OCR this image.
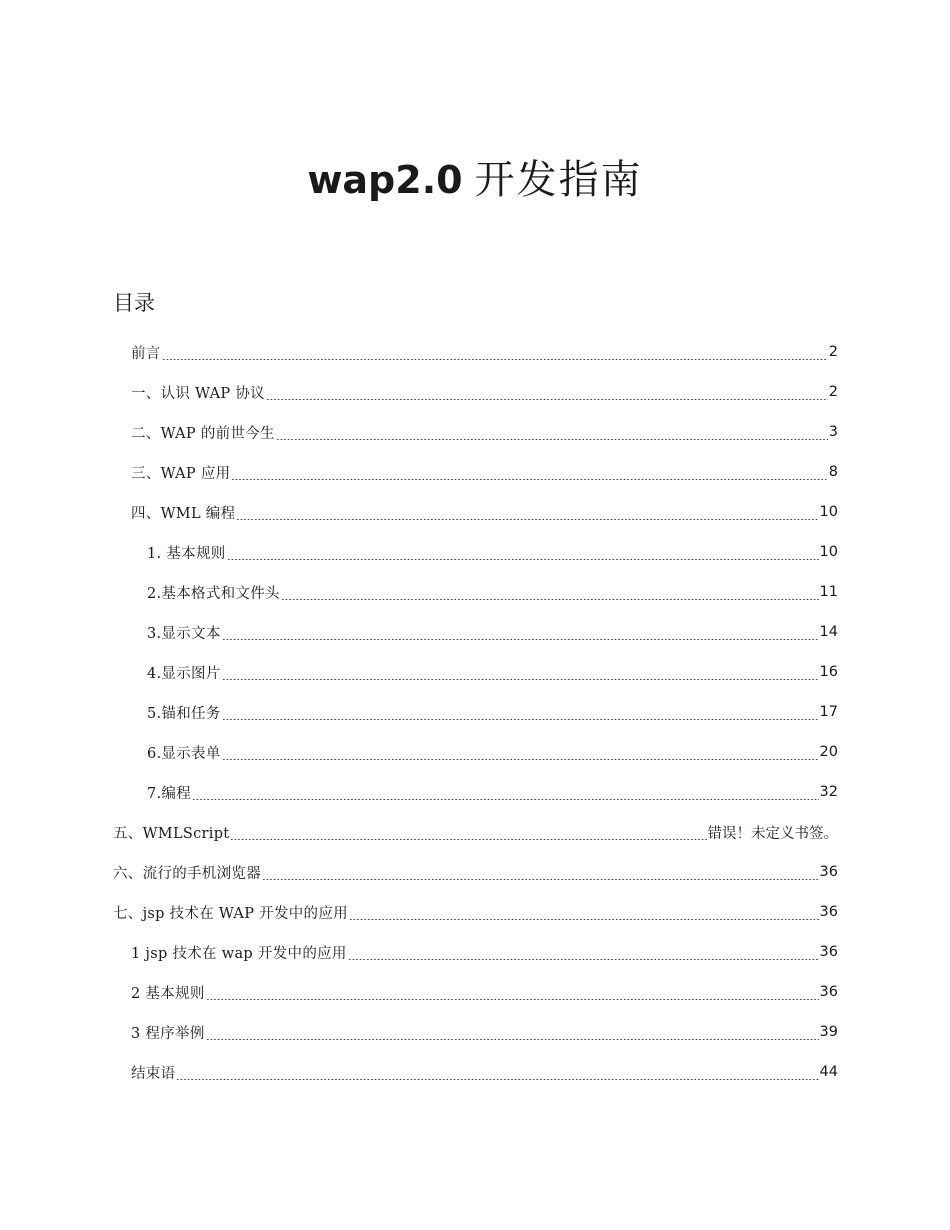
wap2.0 开发指南
目录
前言	2
一、认识 WAP 协议	2
二、WAP 的前世今生	3
三、WAP 应用	8
四、WML 编程	10
1. 基本规则	10
2.基本格式和文件头	11
3.显示文本	14
4.显示图片	16
5.锚和任务	17
6.显示表单	20
7.编程	32
五、WMLScript	错误！未定义书签。
六、流行的手机浏览器	36
七、jsp 技术在 WAP 开发中的应用	36
1 jsp 技术在 wap 开发中的应用	36
2 基本规则	36
3 程序举例	39
结束语	44
